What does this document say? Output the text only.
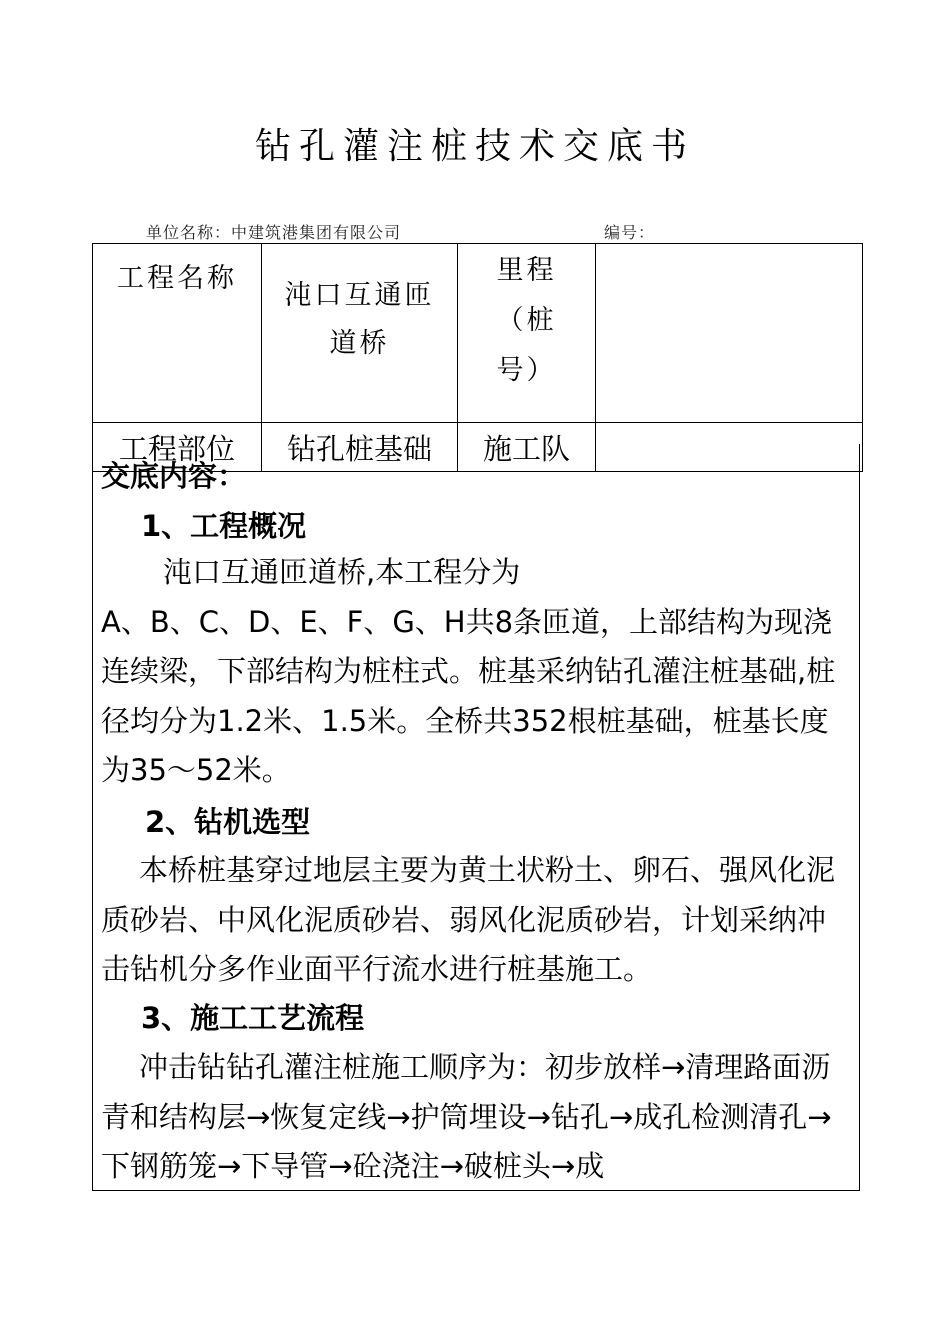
钻孔灌注桩技术交底书
单位名称：中建筑港集团有限公司	编号：
工程名称	沌口互通匝道桥	里程（桩号）	

工程部位	钻孔桩基础	施工队	
交底内容：
1、工程概况
沌口互通匝道桥,本工程分为
A、B、C、D、E、F、G、H共8条匝道，上部结构为现浇连续梁，下部结构为桩柱式。桩基采纳钻孔灌注桩基础,桩径均分为1.2米、1.5米。全桥共352根桩基础，桩基长度为35～52米。
2、钻机选型

本桥桩基穿过地层主要为黄土状粉土、卵石、强风化泥质砂岩、中风化泥质砂岩、弱风化泥质砂岩，计划采纳冲击钻机分多作业面平行流水进行桩基施工。

3、施工工艺流程

冲击钻钻孔灌注桩施工顺序为：初步放样→清理路面沥青和结构层→恢复定线→护筒埋设→钻孔→成孔检测清孔→下钢筋笼→下导管→砼浇注→破桩头→成
